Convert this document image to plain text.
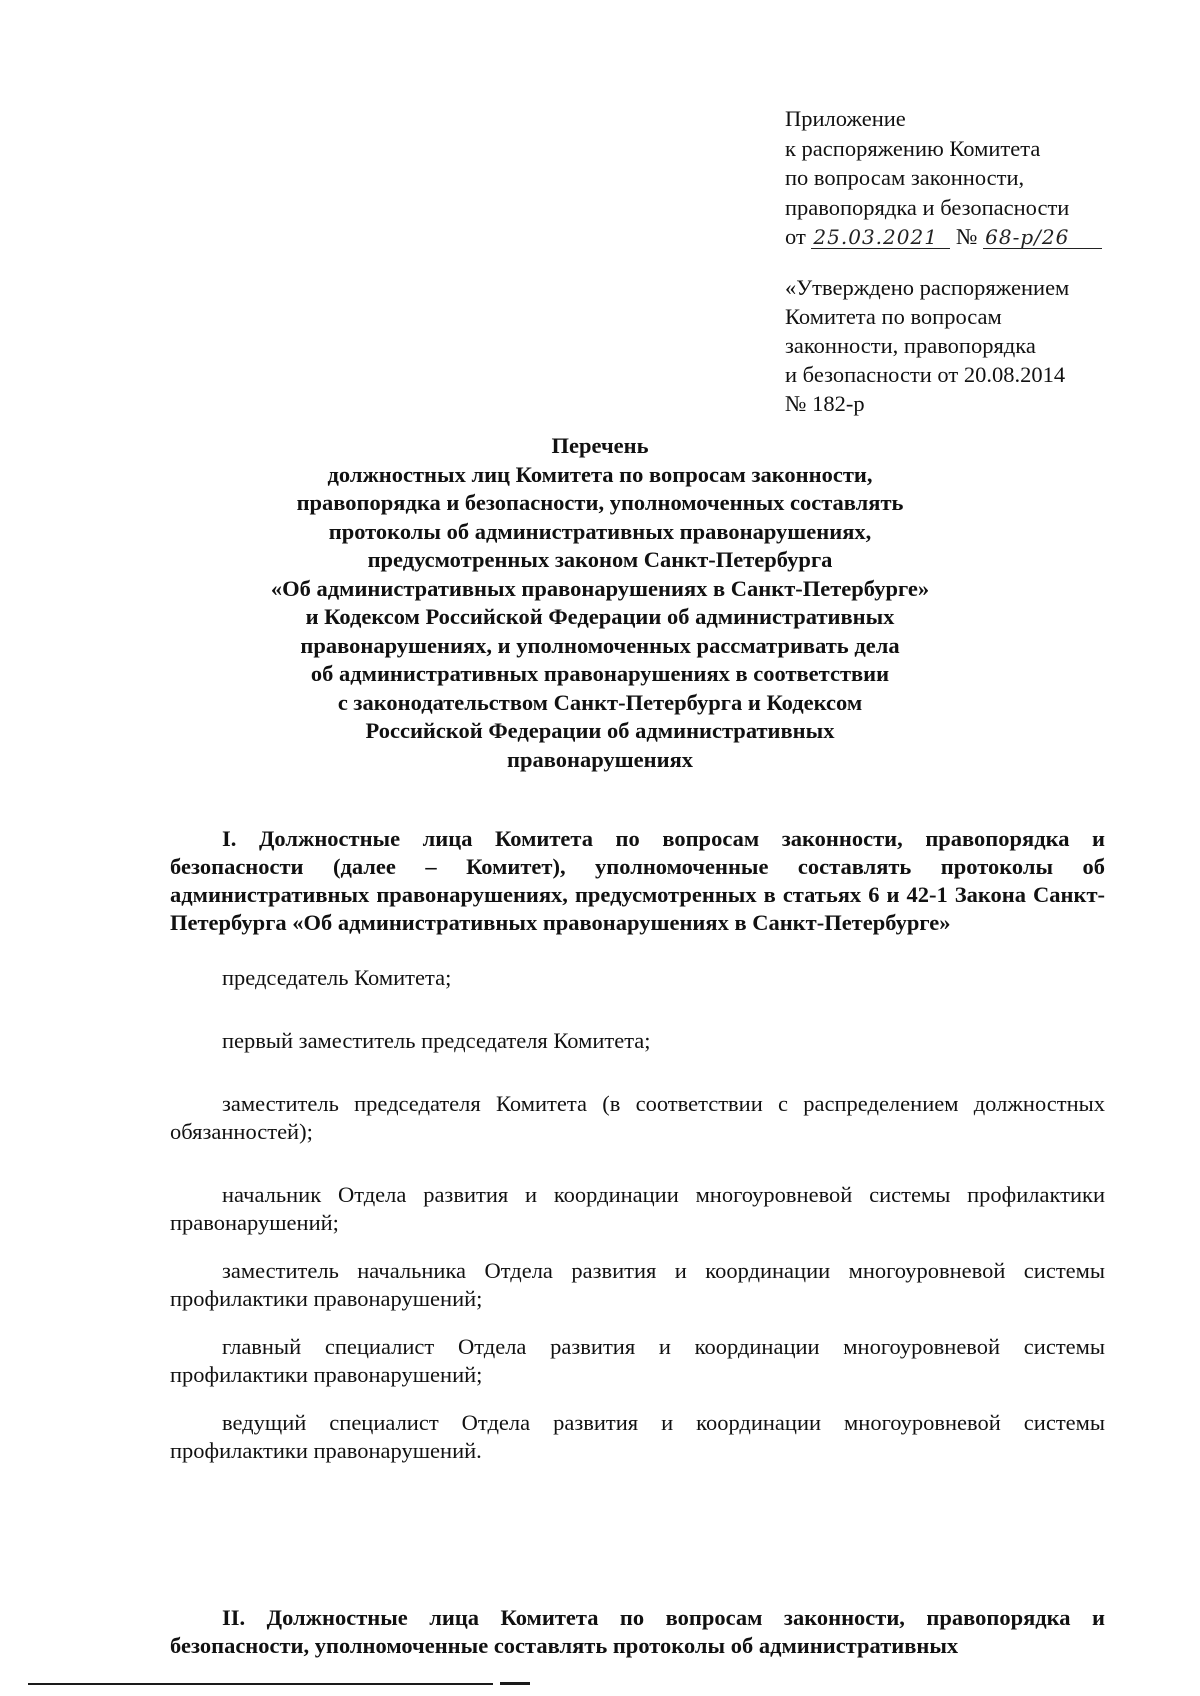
Приложение
к распоряжению Комитета
по вопросам законности,
правопорядка и безопасности
от 25.03.2021 № 68-р/26
«Утверждено распоряжением
Комитета по вопросам
законности, правопорядка
и безопасности от 20.08.2014
№ 182-р
Перечень
должностных лиц Комитета по вопросам законности,
правопорядка и безопасности, уполномоченных составлять
протоколы об административных правонарушениях,
предусмотренных законом Санкт-Петербурга
«Об административных правонарушениях в Санкт-Петербурге»
и Кодексом Российской Федерации об административных
правонарушениях, и уполномоченных рассматривать дела
об административных правонарушениях в соответствии
с законодательством Санкт-Петербурга и Кодексом
Российской Федерации об административных
правонарушениях
I. Должностные лица Комитета по вопросам законности, правопорядка и безопасности (далее – Комитет), уполномоченные составлять протоколы об административных правонарушениях, предусмотренных в статьях 6 и 42-1 Закона Санкт-Петербурга «Об административных правонарушениях в Санкт-Петербурге»
председатель Комитета;
первый заместитель председателя Комитета;
заместитель председателя Комитета (в соответствии с распределением должностных обязанностей);
начальник Отдела развития и координации многоуровневой системы профилактики правонарушений;
заместитель начальника Отдела развития и координации многоуровневой системы профилактики правонарушений;
главный специалист Отдела развития и координации многоуровневой системы профилактики правонарушений;
ведущий специалист Отдела развития и координации многоуровневой системы профилактики правонарушений.
II. Должностные лица Комитета по вопросам законности, правопорядка и безопасности, уполномоченные составлять протоколы об административных
